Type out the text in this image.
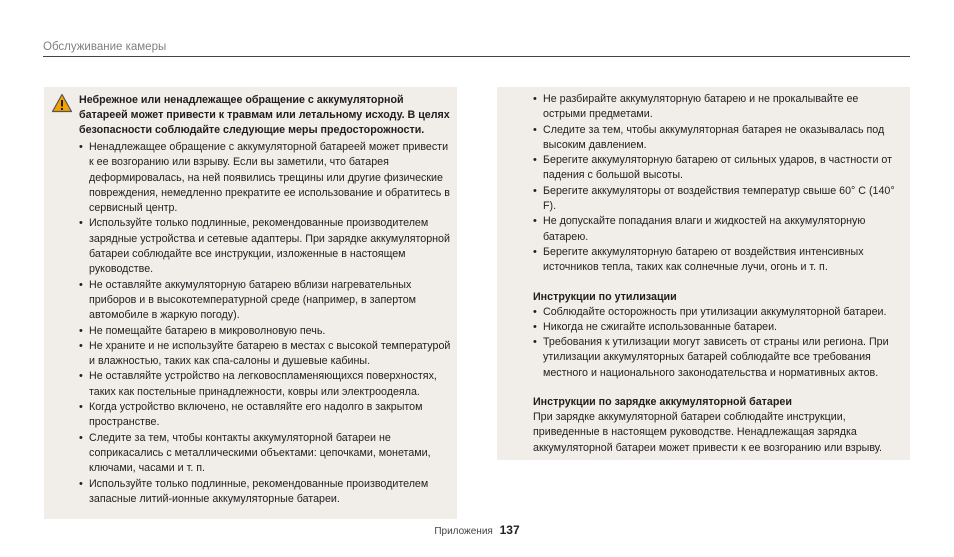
Обслуживание камеры
Небрежное или ненадлежащее обращение с аккумуляторной батареей может привести к травмам или летальному исходу. В целях безопасности соблюдайте следующие меры предосторожности.
• Ненадлежащее обращение с аккумуляторной батареей может привести к ее возгоранию или взрыву. Если вы заметили, что батарея деформировалась, на ней появились трещины или другие физические повреждения, немедленно прекратите ее использование и обратитесь в сервисный центр.
• Используйте только подлинные, рекомендованные производителем зарядные устройства и сетевые адаптеры. При зарядке аккумуляторной батареи соблюдайте все инструкции, изложенные в настоящем руководстве.
• Не оставляйте аккумуляторную батарею вблизи нагревательных приборов и в высокотемпературной среде (например, в запертом автомобиле в жаркую погоду).
• Не помещайте батарею в микроволновую печь.
• Не храните и не используйте батарею в местах с высокой температурой и влажностью, таких как спа-салоны и душевые кабины.
• Не оставляйте устройство на легковоспламеняющихся поверхностях, таких как постельные принадлежности, ковры или электроодеяла.
• Когда устройство включено, не оставляйте его надолго в закрытом пространстве.
• Следите за тем, чтобы контакты аккумуляторной батареи не соприкасались с металлическими объектами: цепочками, монетами, ключами, часами и т. п.
• Используйте только подлинные, рекомендованные производителем запасные литий-ионные аккумуляторные батареи.
• Не разбирайте аккумуляторную батарею и не прокалывайте ее острыми предметами.
• Следите за тем, чтобы аккумуляторная батарея не оказывалась под высоким давлением.
• Берегите аккумуляторную батарею от сильных ударов, в частности от падения с большой высоты.
• Берегите аккумуляторы от воздействия температур свыше 60° C (140° F).
• Не допускайте попадания влаги и жидкостей на аккумуляторную батарею.
• Берегите аккумуляторную батарею от воздействия интенсивных источников тепла, таких как солнечные лучи, огонь и т. п.
Инструкции по утилизации
• Соблюдайте осторожность при утилизации аккумуляторной батареи.
• Никогда не сжигайте использованные батареи.
• Требования к утилизации могут зависеть от страны или региона. При утилизации аккумуляторных батарей соблюдайте все требования местного и национального законодательства и нормативных актов.
Инструкции по зарядке аккумуляторной батареи
При зарядке аккумуляторной батареи соблюдайте инструкции, приведенные в настоящем руководстве. Ненадлежащая зарядка аккумуляторной батареи может привести к ее возгоранию или взрыву.
Приложения 137
